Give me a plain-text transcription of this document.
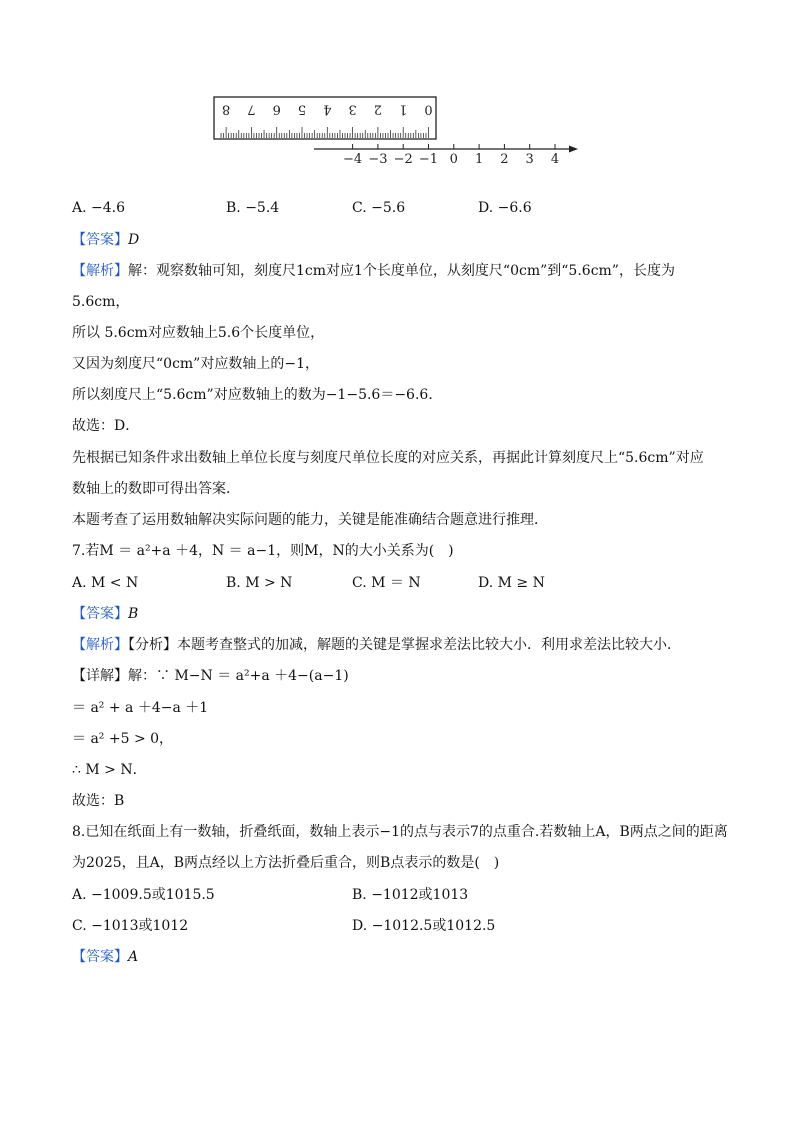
0
1
2
3
4
5
6
7
8
−4 −3 −2 −1 0 1 2 3 4
A. −4.6	B. −5.4	C. −5.6	D. −6.6
【答案】D
【解析】解：观察数轴可知，刻度尺1cm对应1个长度单位，从刻度尺“0cm”到“5.6cm”，长度为
5.6cm，
所以 5.6cm对应数轴上5.6个长度单位，
又因为刻度尺“0cm”对应数轴上的−1，
所以刻度尺上“5.6cm”对应数轴上的数为−1−5.6＝−6.6．
故选：D．
先根据已知条件求出数轴上单位长度与刻度尺单位长度的对应关系，再据此计算刻度尺上“5.6cm”对应
数轴上的数即可得出答案．
本题考查了运用数轴解决实际问题的能力，关键是能准确结合题意进行推理．
7.若M ＝ a²+a ＋4，N ＝ a−1，则M，N的大小关系为(　)
A. M < N	B. M > N	C. M ＝ N	D. M ≥ N
【答案】B
【解析】【分析】本题考查整式的加减，解题的关键是掌握求差法比较大小．利用求差法比较大小．
【详解】解：∵ M−N ＝ a²+a ＋4−(a−1)
＝ a² + a ＋4−a ＋1
＝ a² +5 > 0，
∴ M > N．
故选：B
8.已知在纸面上有一数轴，折叠纸面，数轴上表示−1的点与表示7的点重合.若数轴上A，B两点之间的距离
为2025，且A，B两点经以上方法折叠后重合，则B点表示的数是(　)
A. −1009.5或1015.5	B. −1012或1013
C. −1013或1012	D. −1012.5或1012.5
【答案】A
